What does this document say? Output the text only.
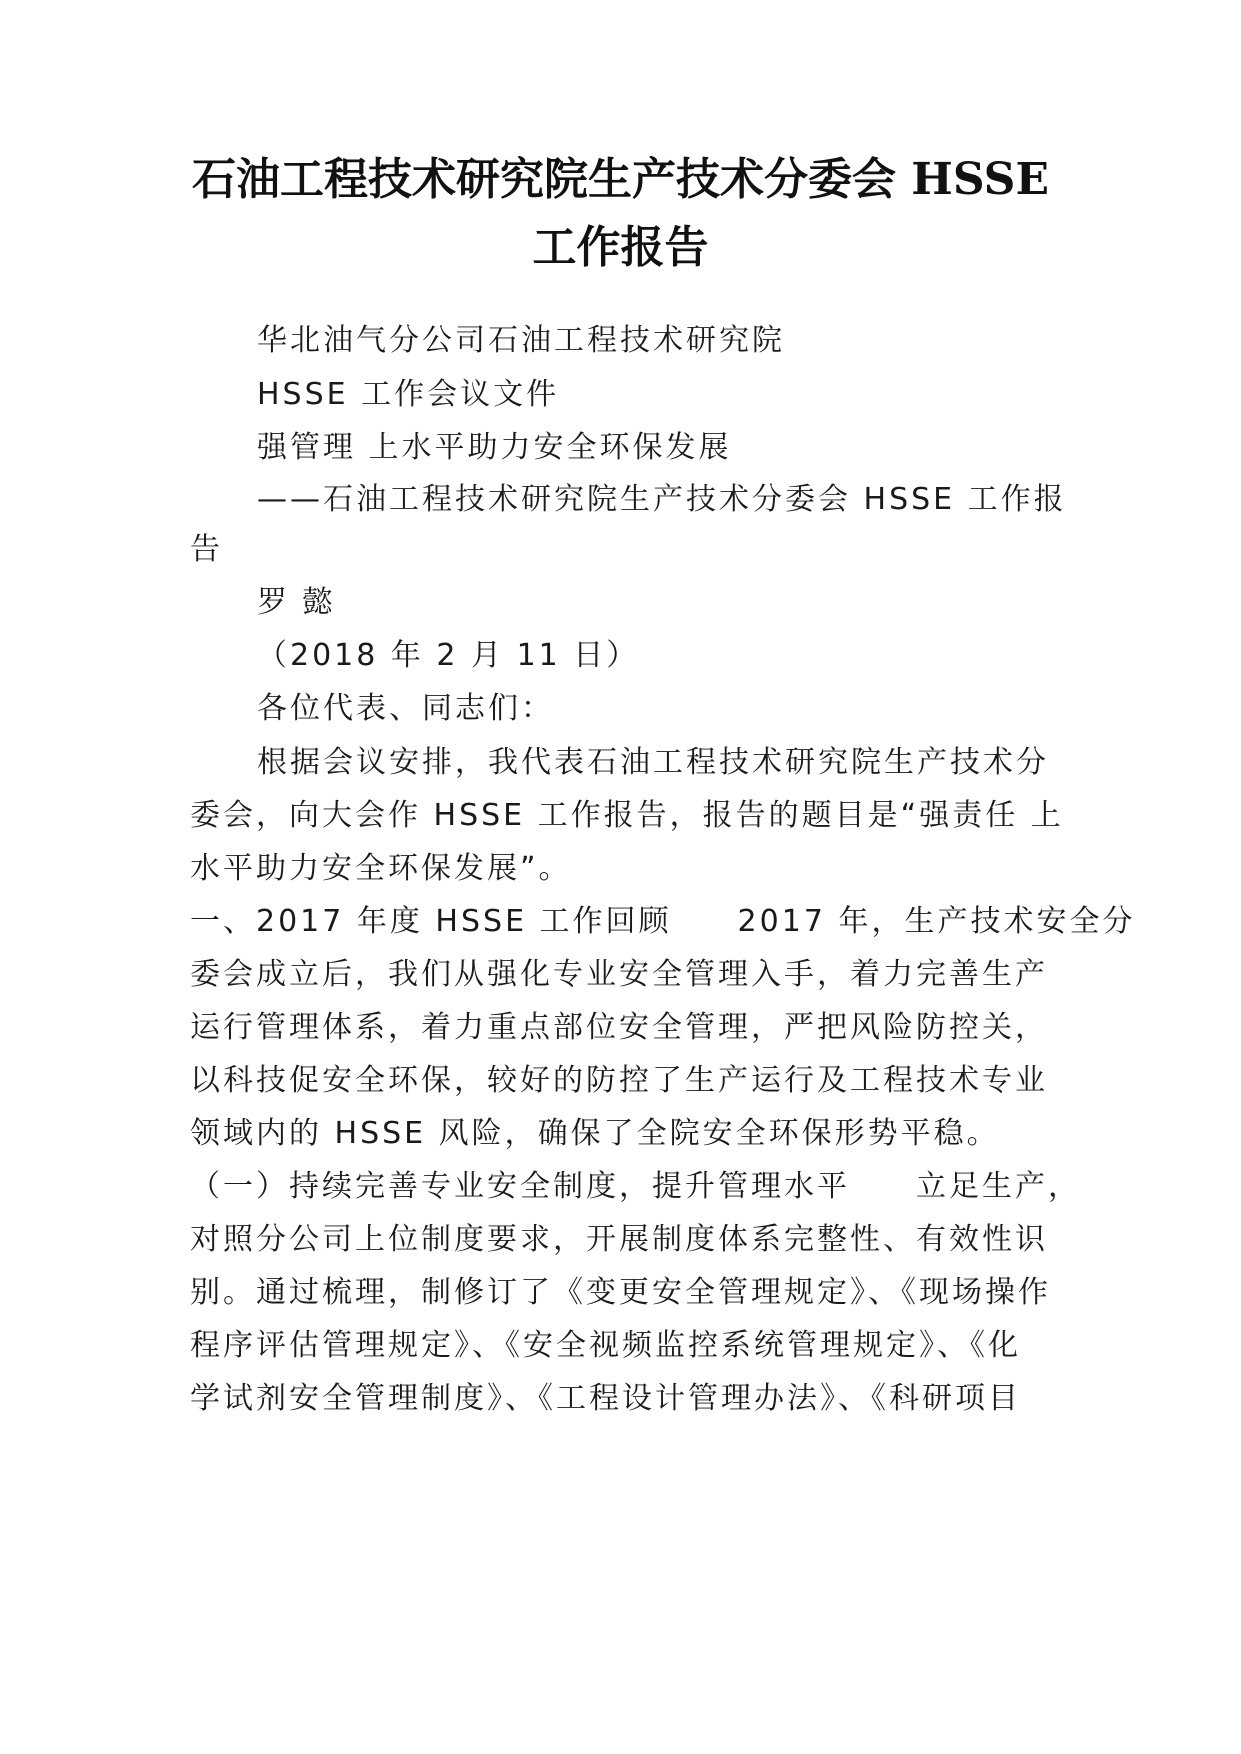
石油工程技术研究院生产技术分委会 HSSE
工作报告

华北油气分公司石油工程技术研究院

HSSE 工作会议文件

强管理 上水平助力安全环保发展

——石油工程技术研究院生产技术分委会 HSSE 工作报

告

罗 懿

（2018 年 2 月 11 日）

各位代表、同志们：

根据会议安排，我代表石油工程技术研究院生产技术分

委会，向大会作 HSSE 工作报告，报告的题目是“强责任 上

水平助力安全环保发展”。

一、2017 年度 HSSE 工作回顾　　2017 年，生产技术安全分

委会成立后，我们从强化专业安全管理入手，着力完善生产

运行管理体系，着力重点部位安全管理，严把风险防控关，

以科技促安全环保，较好的防控了生产运行及工程技术专业

领域内的 HSSE 风险，确保了全院安全环保形势平稳。

（一）持续完善专业安全制度，提升管理水平　　立足生产，

对照分公司上位制度要求，开展制度体系完整性、有效性识

别。通过梳理，制修订了《变更安全管理规定》、《现场操作

程序评估管理规定》、《安全视频监控系统管理规定》、《化

学试剂安全管理制度》、《工程设计管理办法》、《科研项目
